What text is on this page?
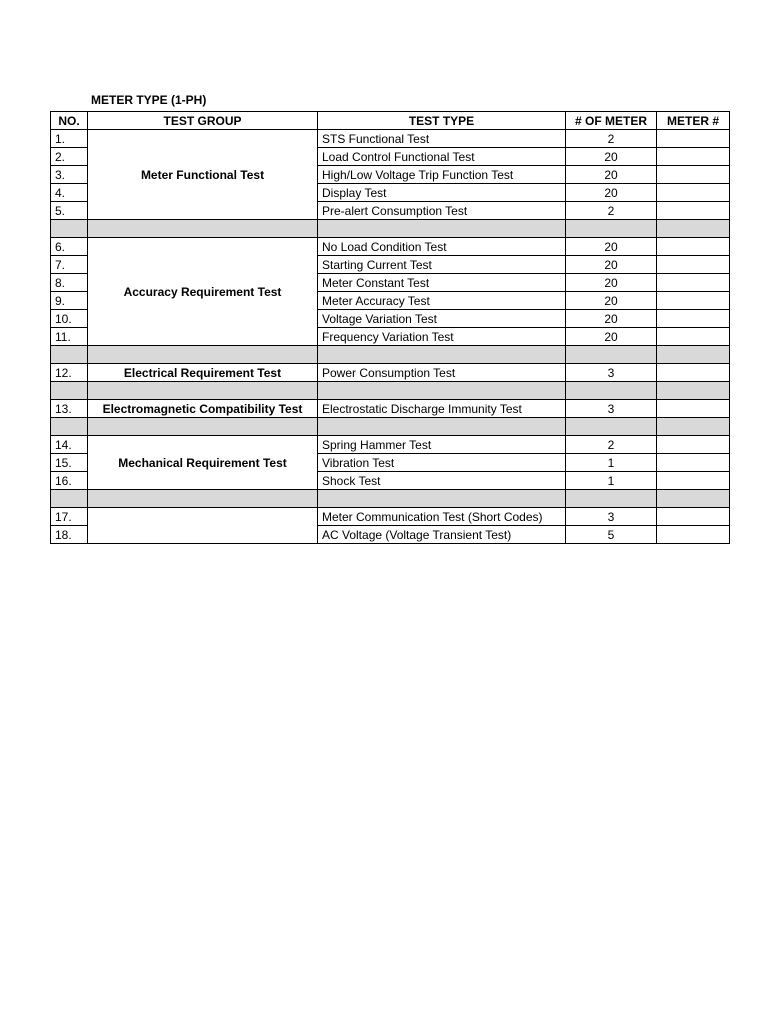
METER TYPE (1-PH)
NO.	TEST GROUP	TEST TYPE	# OF METER	METER #
1.	Meter Functional Test	STS Functional Test	2	
2.		Load Control Functional Test	20	
3.		High/Low Voltage Trip Function Test	20	
4.		Display Test	20	
5.		Pre-alert Consumption Test	2	

6.	Accuracy Requirement Test	No Load Condition Test	20	
7.		Starting Current Test	20	
8.		Meter Constant Test	20	
9.		Meter Accuracy Test	20	
10.		Voltage Variation Test	20	
11.		Frequency Variation Test	20	

12.	Electrical Requirement Test	Power Consumption Test	3	

13.	Electromagnetic Compatibility Test	Electrostatic Discharge Immunity Test	3	

14.	Mechanical Requirement Test	Spring Hammer Test	2	
15.		Vibration Test	1	
16.		Shock Test	1	

17.		Meter Communication Test (Short Codes)	3	
18.		AC Voltage (Voltage Transient Test)	5	
